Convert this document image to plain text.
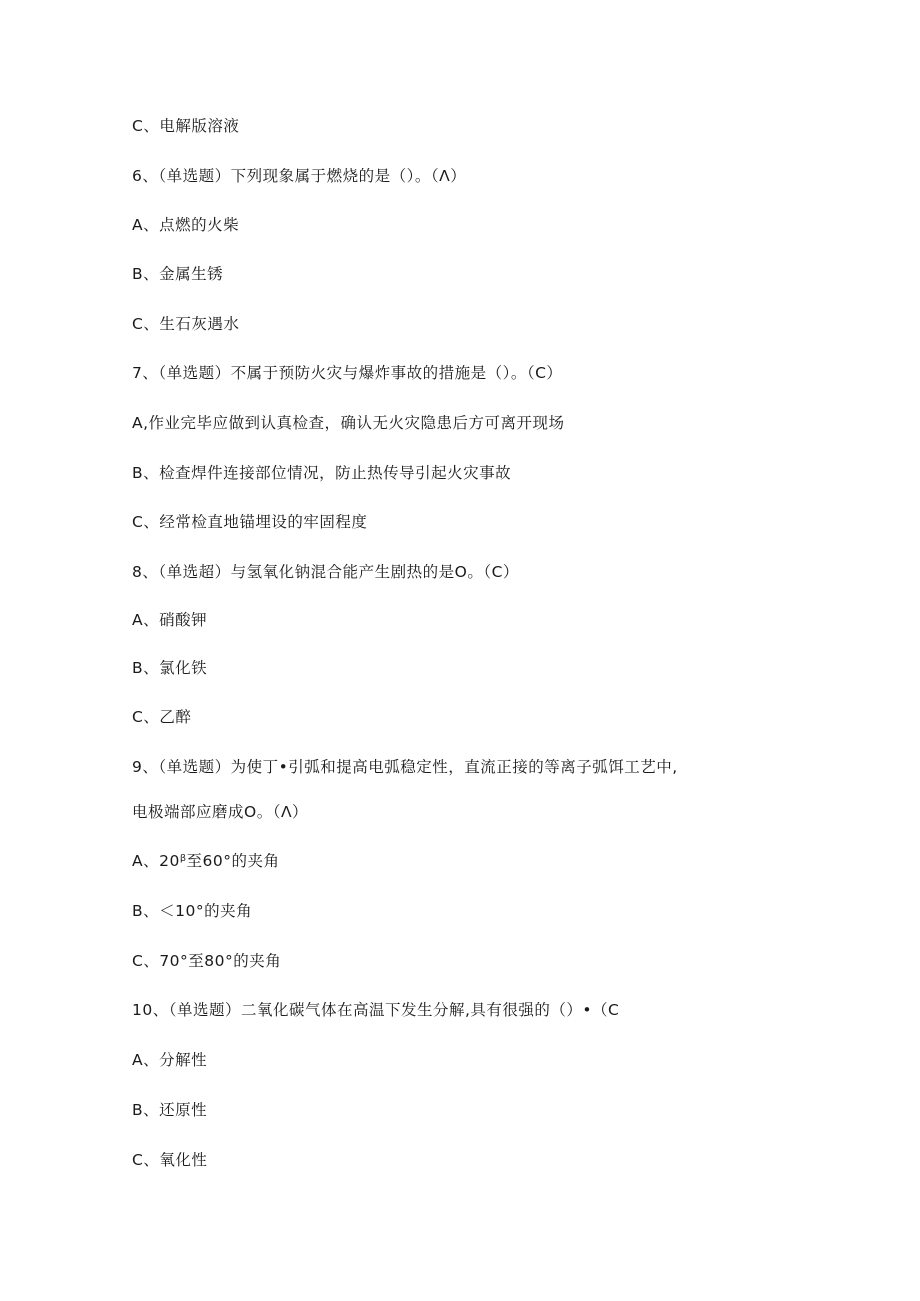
C、电解版溶液
6、（单选题）下列现象属于燃烧的是（）。（Λ）
A、点燃的火柴
B、金属生锈
C、生石灰遇水
7、（单选题）不属于预防火灾与爆炸事故的措施是（）。（C）
A,作业完毕应做到认真检查，确认无火灾隐患后方可离开现场
B、检查焊件连接部位情况，防止热传导引起火灾事故
C、经常检直地锚埋设的牢固程度
8、（单选超）与氢氧化钠混合能产生剧热的是O。（C）
A、硝酸钾
B、氯化铁
C、乙醉
9、（单选题）为使丁•引弧和提高电弧稳定性，直流正接的等离子弧饵工艺中,
电极端部应磨成O。（Λ）
A、20ᵝ至60°的夹角
B、＜10°的夹角
C、70°至80°的夹角
10、（单选题）二氧化碳气体在高温下发生分解,具有很强的（）•（C
A、分解性
B、还原性
C、氧化性
